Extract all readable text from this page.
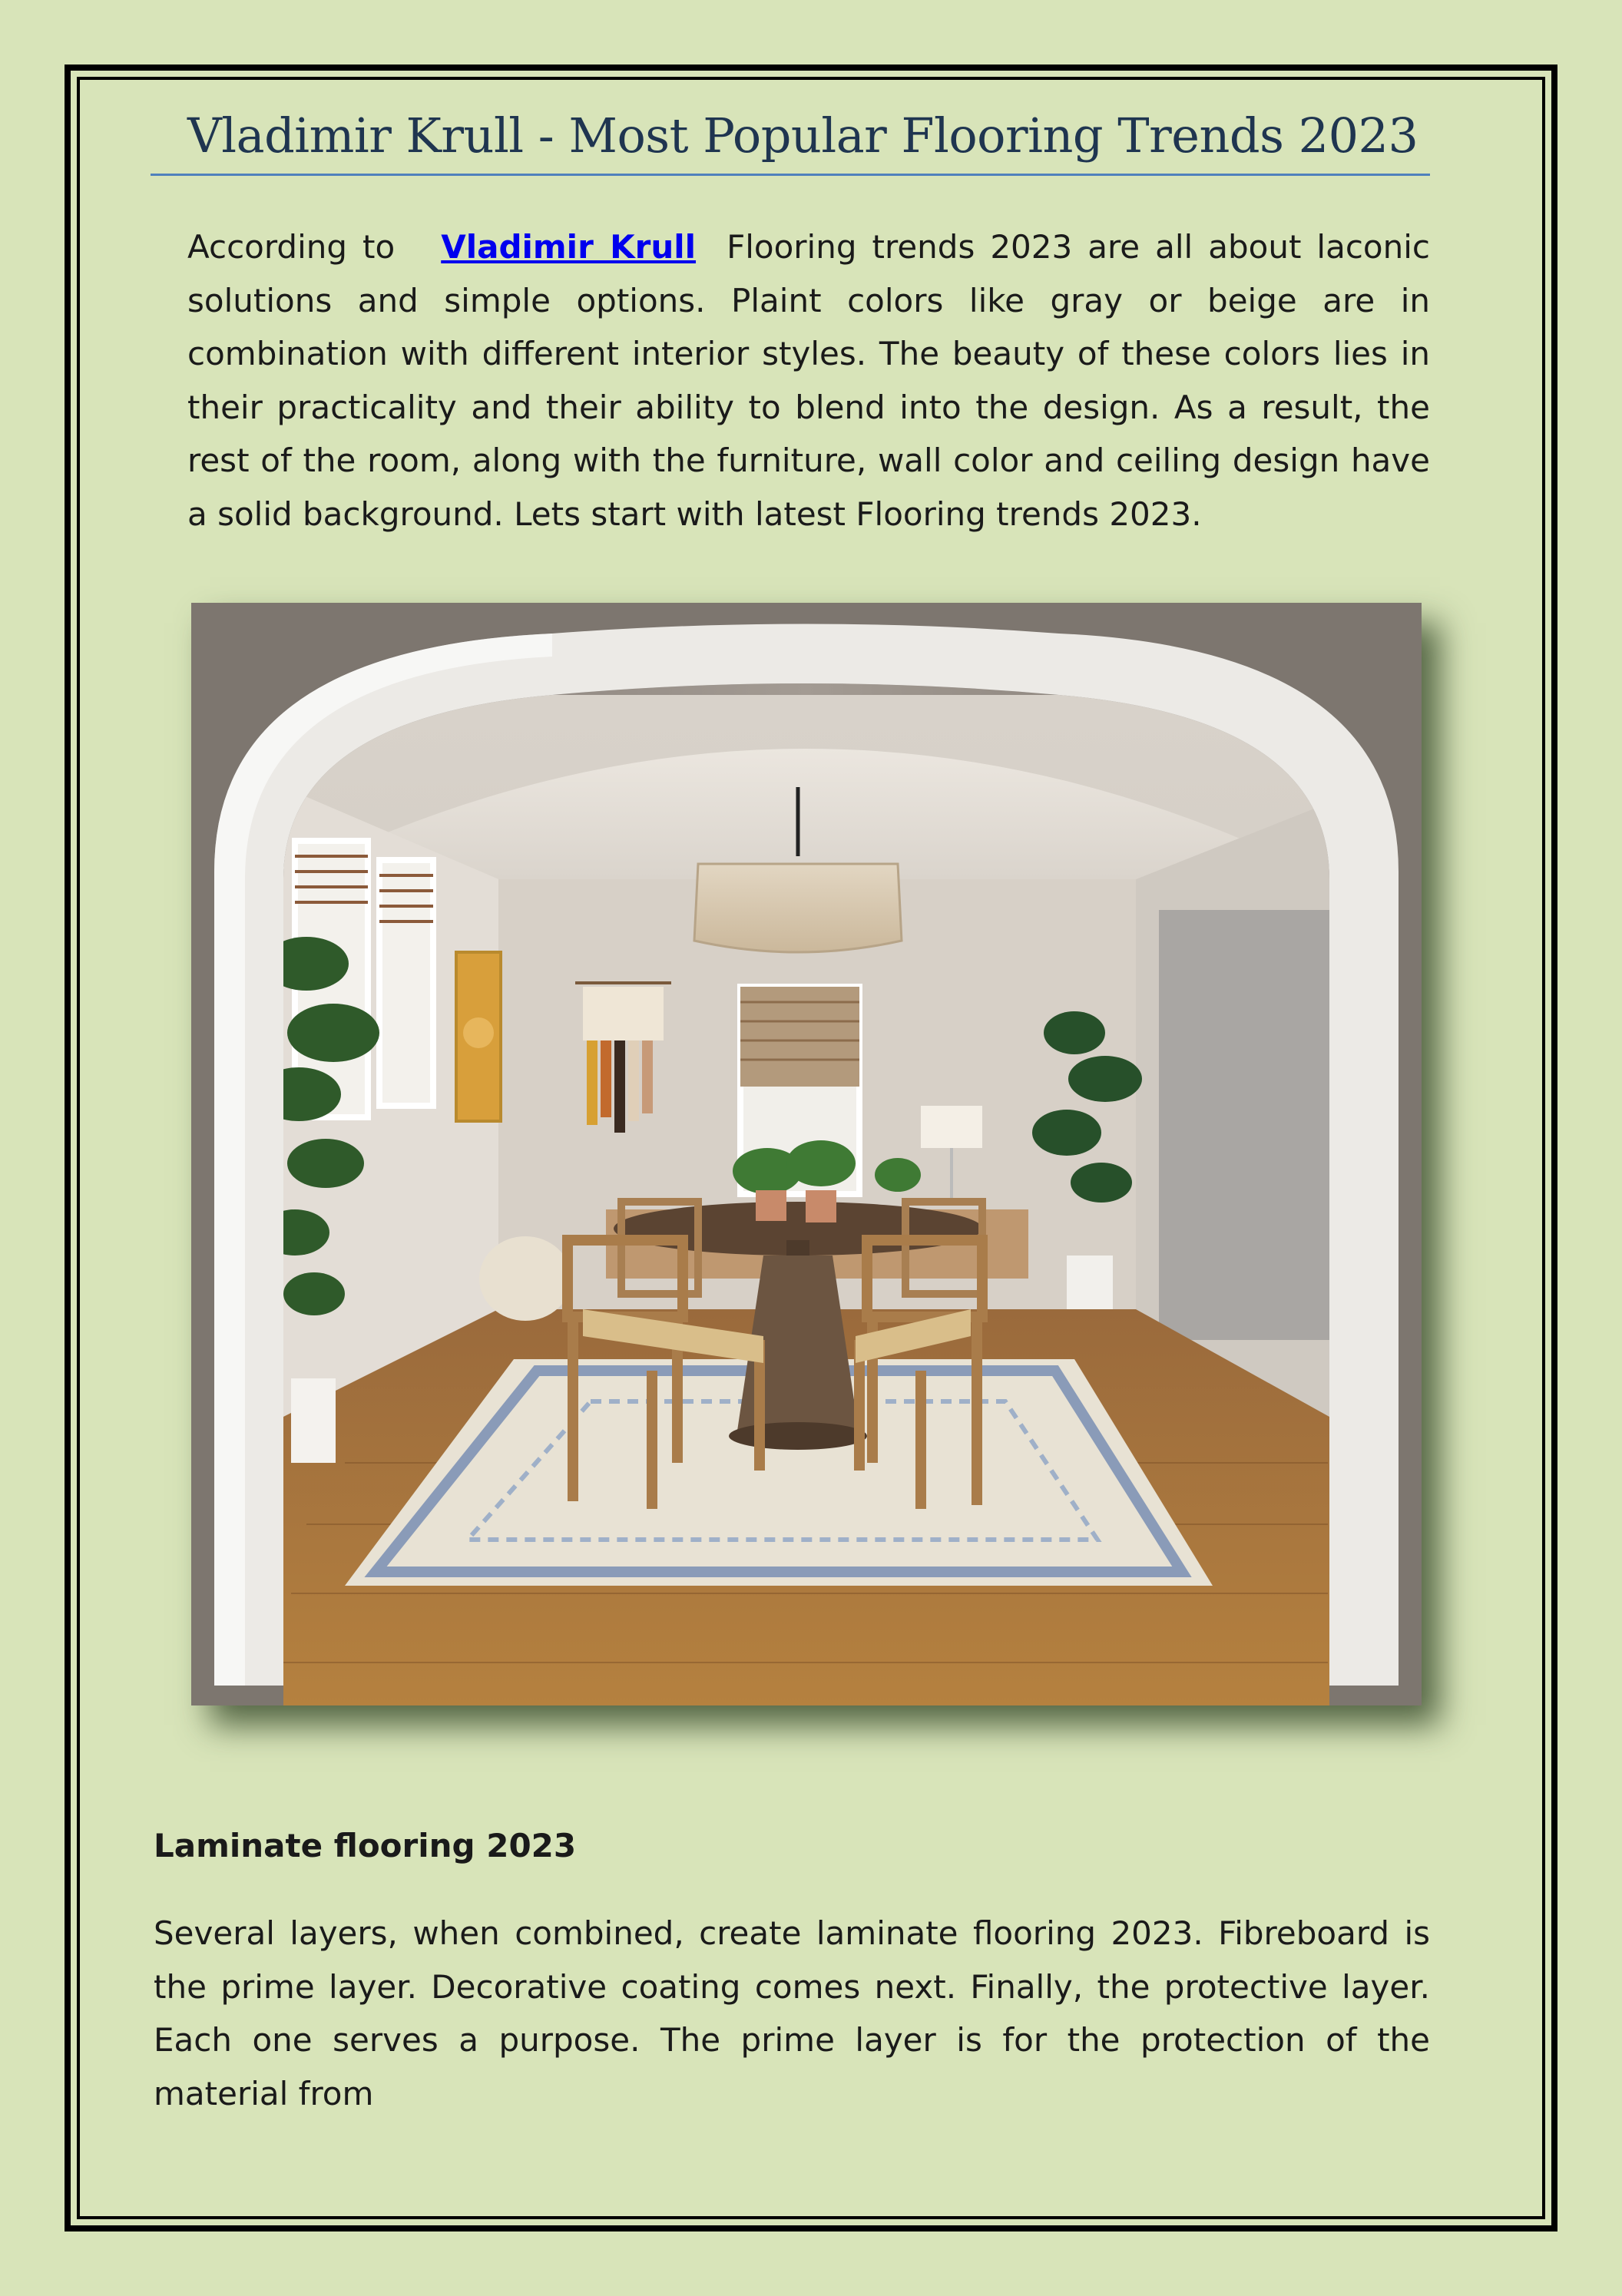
Vladimir Krull - Most Popular Flooring Trends 2023

According to Vladimir Krull Flooring trends 2023 are all about laconic solutions and simple options. Plaint colors like gray or beige are in combination with different interior styles. The beauty of these colors lies in their practicality and their ability to blend into the design. As a result, the rest of the room, along with the furniture, wall color and ceiling design have a solid background. Lets start with latest Flooring trends 2023.

Laminate flooring 2023

Several layers, when combined, create laminate flooring 2023. Fibreboard is the prime layer. Decorative coating comes next. Finally, the protective layer. Each one serves a purpose. The prime layer is for the protection of the material from
